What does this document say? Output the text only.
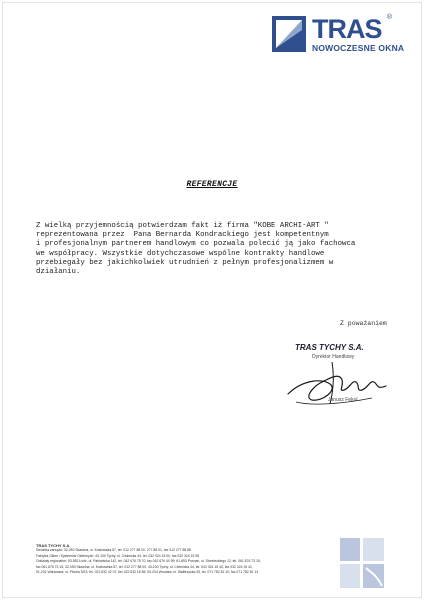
TRAS ®
NOWOCZESNE OKNA
REFERENCJE
Z wielką przyjemnością potwierdzam fakt iż firma "KOBE ARCHI-ART "
reprezentowana przez  Pana Bernarda Kondrackiego jest kompetentnym
i profesjonalnym partnerem handlowym co pozwala polecić ją jako fachowca
we współpracy. Wszystkie dotychczasowe wspólne kontrakty handlowe
przebiegały bez jakichkolwiek utrudnień z pełnym profesjonalizmem w
działaniu.
Z poważaniem
TRAS TYCHY S.A.
Dyrektor Handlowy
Janusz Fekul
TRAS TYCHY S.A.
Siedziba zarządu: 32-050 Skawina, ul. Krakowska 57, tel. 012 277 88 00, 277 88 01, fax 012 277 88 88
Fabryka Okien i Systemów Okiennych: 43-100 Tychy, ul. Cielmicka 44, tel. 032 324 15 00, fax 032 324 15 55
Oddziały regionalne: 93-552 Łódź, ul. Pabiańicka 142, tel. 042 676 75 70, fax 042 676 44 99; 61-853 Poznań, ul. Strzeleckiego 12, tel. 061 876 73 15,
fax 061 876 73 15; 32-050 Skawina, ul. Krakowska 57, tel. 012 277 88 00, 43-100 Tychy, ul. Cielmicka 44, tel. 032 324 15 40, fax 032 324 15 41,
01-231 Warszawa, ul. Płocka 5/23, tel. 022 632 42 07, fax 022 632 18 85; 53-204 Wrocław, ul. Wałbrzyska 25, tel. 071 782 81 10, fax 071 782 81 13
